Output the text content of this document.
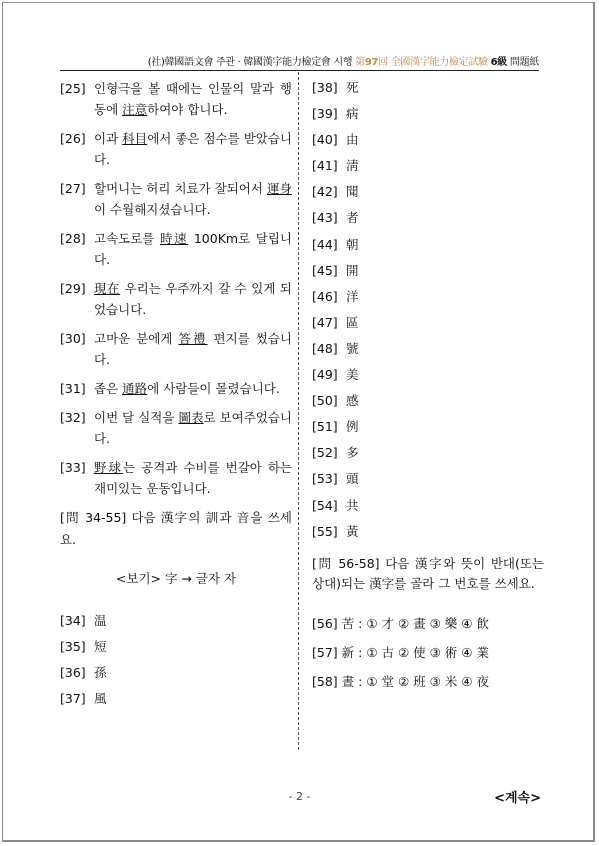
(社)韓國語文會 주관 · 韓國漢字能力檢定會 시행 第97回 全國漢字能力檢定試驗 6級 問題紙
[25] 인형극을 볼 때에는 인물의 말과 행동에 注意하여야 합니다.
[26] 이과 科目에서 좋은 점수를 받았습니다.
[27] 할머니는 허리 치료가 잘되어서 運身이 수월해지셨습니다.
[28] 고속도로를 時速 100Km로 달립니다.
[29] 現在 우리는 우주까지 갈 수 있게 되었습니다.
[30] 고마운 분에게 答禮 편지를 썼습니다.
[31] 좁은 通路에 사람들이 몰렸습니다.
[32] 이번 달 실적을 圖表로 보여주었습니다.
[33] 野球는 공격과 수비를 번갈아 하는 재미있는 운동입니다.
[問 34-55] 다음 漢字의 訓과 音을 쓰세요.
<보기> 字 → 글자 자
[34] 温
[35] 短
[36] 孫
[37] 風
[38] 死
[39] 病
[40] 由
[41] 淸
[42] 聞
[43] 者
[44] 朝
[45] 開
[46] 洋
[47] 區
[48] 號
[49] 美
[50] 感
[51] 例
[52] 多
[53] 頭
[54] 共
[55] 黃
[問 56-58] 다음 漢字와 뜻이 반대(또는 상대)되는 漢字를 골라 그 번호를 쓰세요.
[56] 苦 : ① 才 ② 畫 ③ 樂 ④ 飮
[57] 新 : ① 古 ② 使 ③ 術 ④ 業
[58] 晝 : ① 堂 ② 班 ③ 米 ④ 夜
- 2 -	<계속>
